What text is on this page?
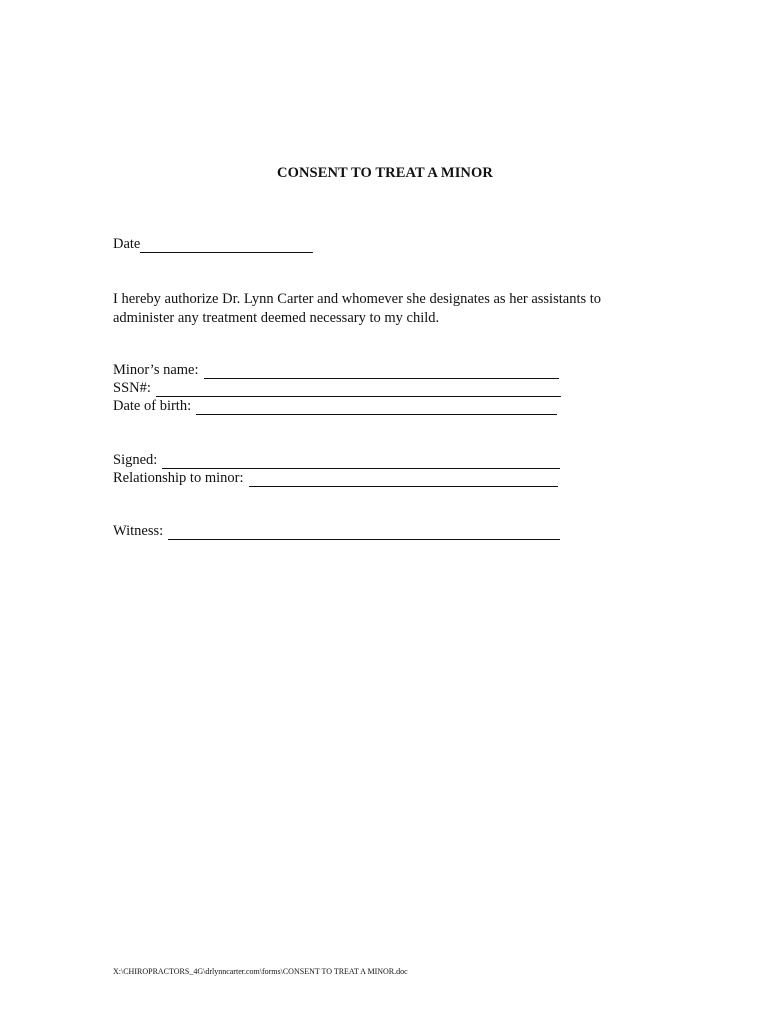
CONSENT TO TREAT A MINOR
Date
I hereby authorize Dr. Lynn Carter and whomever she designates as her assistants to
administer any treatment deemed necessary to my child.
Minor’s name:
SSN#:
Date of birth:
Signed:
Relationship to minor:
Witness:
X:\CHIROPRACTORS_4G\drlynncarter.com\forms\CONSENT TO TREAT A MINOR.doc
